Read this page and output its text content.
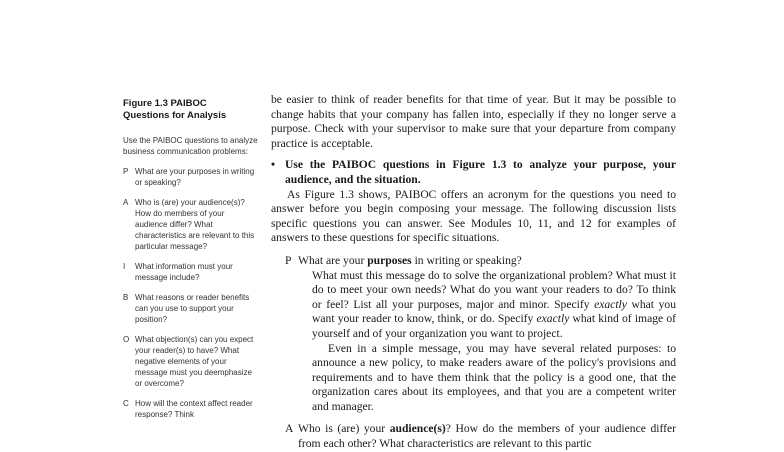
Figure 1.3 PAIBOC
Questions for Analysis
Use the PAIBOC questions to analyze business communication problems:
P What are your purposes in writing or speaking?
A Who is (are) your audience(s)? How do members of your audience differ? What characteristics are relevant to this particular message?
I	What information must your message include?
B What reasons or reader benefits can you use to support your position?
O What objection(s) can you expect your reader(s) to have? What negative elements of your message must you deemphasize or overcome?
C How will the context affect reader response? Think

be easier to think of reader benefits for that time of year. But it may be possible to change habits that your company has fallen into, especially if they no longer serve a purpose. Check with your supervisor to make sure that your departure from company practice is acceptable.

• Use the PAIBOC questions in Figure 1.3 to analyze your purpose, your audience, and the situation.

As Figure 1.3 shows, PAIBOC offers an acronym for the questions you need to answer before you begin composing your message. The following discussion lists specific questions you can answer. See Modules 10, 11, and 12 for examples of answers to these questions for specific situations.

P What are your purposes in writing or speaking?

What must this message do to solve the organizational problem? What must it do to meet your own needs? What do you want your readers to do? To think or feel? List all your purposes, major and minor. Specify exactly what you want your reader to know, think, or do. Specify exactly what kind of image of yourself and of your organization you want to project.

Even in a simple message, you may have several related purposes: to announce a new policy, to make readers aware of the policy's provisions and requirements and to have them think that the policy is a good one, that the organization cares about its employees, and that you are a competent writer and manager.

A Who is (are) your audience(s)? How do the members of your audience differ from each other? What characteristics are relevant to this partic
